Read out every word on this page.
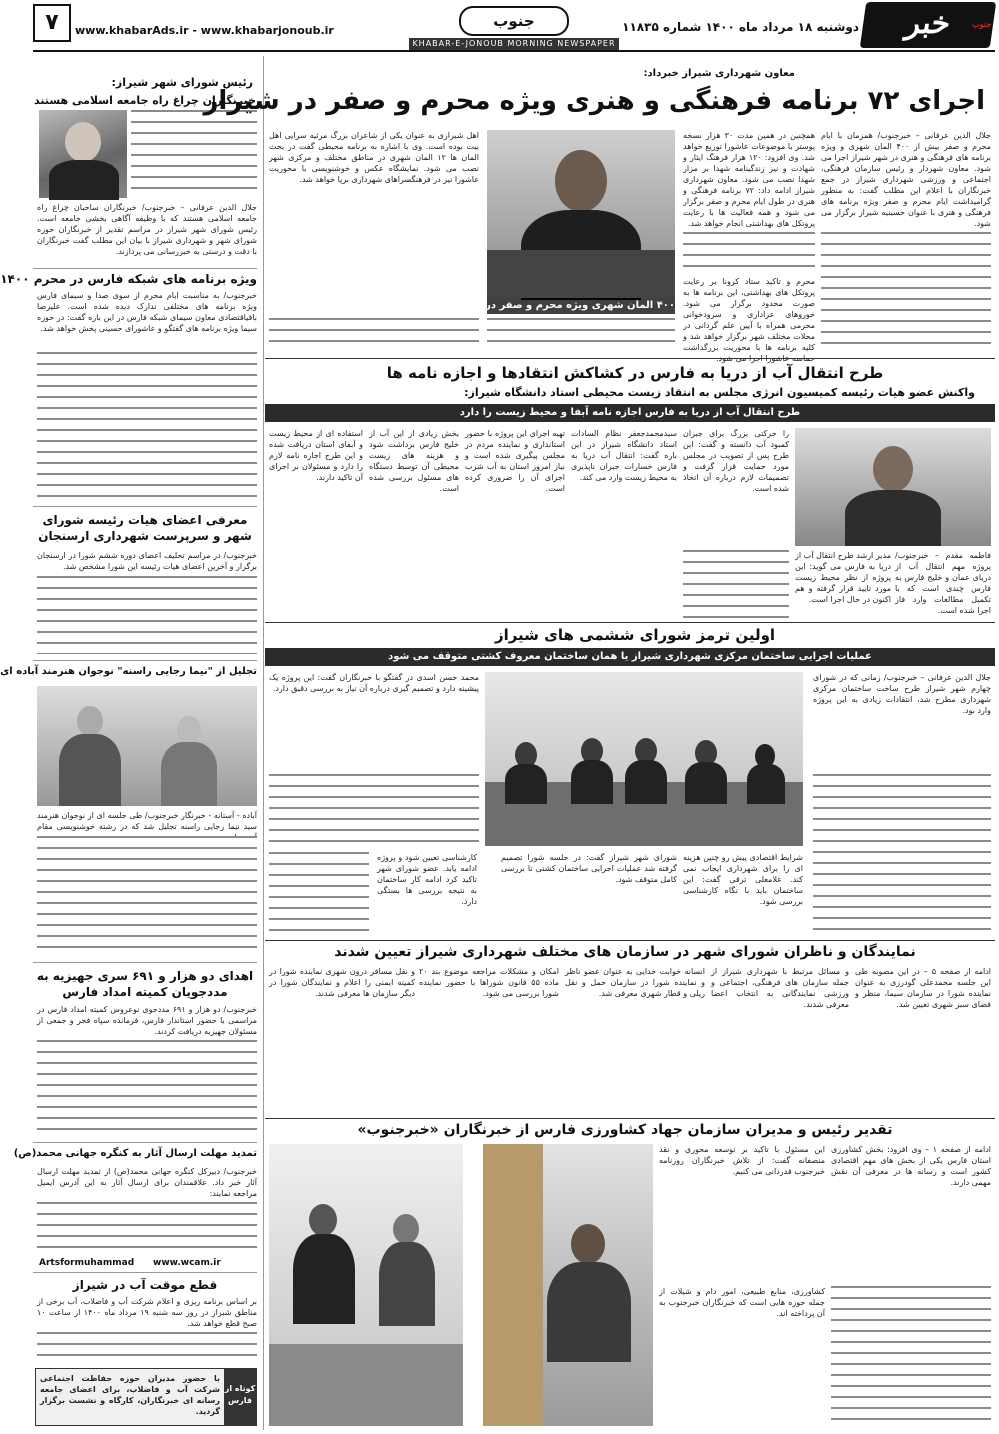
جنوب
خبر
دوشنبه ۱۸ مرداد ماه ۱۴۰۰ شماره ۱۱۸۳۵
جنوب
KHABAR-E-JONOUB MORNING NEWSPAPER
www.khabarAds.ir - www.khabarjonoub.ir
۷
رئیس شورای شهر شیراز:
خبرنگاران چراغ راه جامعه اسلامی هستند
جلال الدین عرفانی – خبرجنوب/ خبرنگاران ساحبان چراغ راه جامعه اسلامی هستند که با وظیفه آگاهی بخشی جامعه است. رئیس شورای شهر شیراز در مراسم تقدیر از خبرنگاران حوزه شورای شهر و شهرداری شیراز با بیان این مطلب گفت خبرنگاران با دقت و درستی به خبررسانی می پردازند.
ویژه برنامه های شبکه فارس در محرم ۱۴۰۰
خبرجنوب/ به مناسبت ایام محرم از سوی صدا و سیمای فارس ویژه برنامه های مختلفی تدارک دیده شده است. علیرضا باقیاقتصادی معاون سیمای شبکه فارس در این باره گفت: در حوزه سیما ویژه برنامه های گفتگو و عاشورای حسینی پخش خواهد شد.
معرفی اعضای هیات رئیسه شورای شهر و سرپرست شهرداری ارسنجان
خبرجنوب/ در مراسم تحلیف اعضای دوره ششم شورا در ارسنجان برگزار و آخرین اعضای هیات رئیسه این شورا مشخص شد.
تجلیل از "نیما رجایی راسنه" نوجوان هنرمند آباده ای
آباده - آستانه - خبرنگار خبرجنوب/ طی جلسه ای از نوجوان هنرمند سید نیما رجایی راسنه تجلیل شد که در رشته خوشنویسی مقام
اهدای دو هزار و ۶۹۱ سری جهیزیه به مددجویان کمیته امداد فارس
خبرجنوب/ دو هزار و ۶۹۱ مددجوی نوعروس کمیته امداد فارس در مراسمی با حضور استاندار فارس، فرمانده سپاه فجر و جمعی از مسئولان جهیزیه دریافت کردند.
تمدید مهلت ارسال آثار به کنگره جهانی محمد(ص)
خبرجنوب/ دبیرکل کنگره جهانی محمد(ص) از تمدید مهلت ارسال آثار خبر داد. علاقمندان برای ارسال آثار به این آدرس ایمیل مراجعه نمایند:
Artsformuhammad www.wcam.ir
قطع موقت آب در شیراز
بر اساس برنامه ریزی و اعلام شرکت آب و فاضلاب، آب برخی از مناطق شیراز در روز سه شنبه ۱۹ مرداد ماه ۱۴۰۰ از ساعت ۱۰ صبح قطع خواهد شد.
کوتاه از فارس
با حضور مدیران حوزه حفاظت اجتماعی شرکت آب و فاضلاب، برای اعضای جامعه رسانه ای خبرنگاران، کارگاه و نشست برگزار گردید.
معاون شهرداری شیراز خبرداد:
اجرای ۷۲ برنامه فرهنگی و هنری ویژه محرم و صفر در شیراز
جلال الدین عرفانی – خبرجنوب/ همزمان با ایام محرم و صفر بیش از ۴۰۰ المان شهری و ویژه برنامه های فرهنگی و هنری در شهر شیراز اجرا می شود. معاون شهردار و رئیس سازمان فرهنگی، اجتماعی و ورزشی شهرداری شیراز در جمع خبرنگاران با اعلام این مطلب گفت: به منظور گرامیداشت ایام محرم و صفر ویژه برنامه های فرهنگی و هنری با عنوان حسینیه شیراز برگزار می شود.
همچنین در همین مدت ۳۰ هزار نسخه پوستر با موضوعات عاشورا توزیع خواهد شد. وی افزود: ۱۲۰ هزار فرهنگ ایثار و شهادت و نیز زندگینامه شهدا بر مزار شهدا نصب می شود. معاون شهرداری شیراز ادامه داد: ۷۲ برنامه فرهنگی و هنری در طول ایام محرم و صفر برگزار می شود و همه فعالیت ها با رعایت پروتکل های بهداشتی انجام خواهد شد.
۴۰۰ المان شهری ویژه محرم و صفر در شیراز اجرا می شود
اهل شیرازی به عنوان یکی از شاعران بزرگ مرثیه سرایی اهل بیت بوده است. وی با اشاره به برنامه محیطی گفت در بحث المان ها ۱۲ المان شهری در مناطق مختلف و مرکزی شهر نصب می شود. نمایشگاه عکس و خوشنویسی با محوریت عاشورا نیز در فرهنگسراهای شهرداری برپا خواهد شد.
محرم و تاکید ستاد کرونا بر رعایت پروتکل های بهداشتی، این برنامه ها به صورت محدود برگزار می شود. خوروهای عزاداری و سرودخوانی محرمی همراه با آیین علم گردانی در محلات مختلف شهر برگزار خواهد شد و کلیه برنامه ها با محوریت بزرگداشت
طرح انتقال آب از دریا به فارس در کشاکش انتقادها و اجازه نامه ها
واکنش عضو هیات رئیسه کمیسیون انرژی مجلس به انتقاد زیست محیطی استاد دانشگاه شیراز:
طرح انتقال آب از دریا به فارس اجازه نامه آبفا و محیط زیست را دارد
فاطمه مقدم – خبرجنوب/ پروژه مهم انتقال آب از دریای عمان و خلیج فارس به فارس چندی است که با تکمیل مطالعات وارد فاز اجرا شده است.
مدیر ارشد طرح انتقال آب از دریا به فارس می گوید: این پروژه از نظر محیط زیست مورد تایید قرار گرفته و هم اکنون در حال اجرا است.
را حرکتی بزرگ برای جبران کمبود آب دانسته و گفت: این طرح پس از تصویب در مجلس مورد حمایت قرار گرفت و تصمیمات لازم درباره آن اتخاذ شده است.
سیدمحمدجعفر نظام السادات استاد دانشگاه شیراز در این باره گفت: انتقال آب دریا به فارس خسارات جبران ناپذیری به محیط زیست وارد می کند.
تهیه اجرای این پروژه با حضور استانداری و نماینده مردم در مجلس پیگیری شده است و نیاز امروز استان به آب شرب اجرای آن را ضروری کرده است.
بخش زیادی از این آب از خلیج فارس برداشت شود و هزینه های زیست محیطی آن توسط دستگاه های مسئول بررسی شده است.
استفاده ای از محیط زیست و آبفای استان دریافت شده و این طرح اجازه نامه لازم را دارد و مسئولان بر اجرای آن تاکید دارند.
اولین ترمز شورای ششمی های شیراز
عملیات اجرایی ساختمان مرکزی شهرداری شیراز یا همان ساختمان معروف کشتی متوقف می شود
جلال الدین عرفانی – خبرجنوب/ زمانی که در شورای چهارم شهر شیراز طرح ساخت ساختمان مرکزی شهرداری مطرح شد، انتقادات زیادی به این پروژه وارد بود.
شرایط اقتصادی پیش رو چنین هزینه ای را برای شهرداری ایجاب نمی کند. غلامعلی ترقی گفت: این ساختمان باید با نگاه کارشناسی بررسی شود.
شورای شهر شیراز گفت: در جلسه شورا تصمیم گرفته شد عملیات اجرایی ساختمان کشتی تا بررسی کامل متوقف شود.
کارشناسی تعیین شود و پروژه ادامه یابد. عضو شورای شهر تاکید کرد ادامه کار ساختمان به نتیجه بررسی ها بستگی دارد.
محمد حسن اسدی در گفتگو با خبرنگاران گفت: این پروژه یک پیشینه دارد و تصمیم گیری درباره آن نیاز به بررسی دقیق دارد.
نمایندگان و ناظران شورای شهر در سازمان های مختلف شهرداری شیراز تعیین شدند
ادامه از صفحه ۵ – در این مصوبه طی این جلسه محمدعلی گودرزی به عنوان نماینده شورا در سازمان سیما، منظر و فضای سبز شهری تعیین شد.
و مسائل مرتبط با شهرداری شیراز از جمله سازمان های فرهنگی، اجتماعی و ورزشی نمایندگانی به انتخاب اعضا معرفی شدند.
انسانه خوابت خدایی به عنوان عضو ناظر و نماینده شورا در سازمان حمل و نقل ریلی و قطار شهری معرفی شد.
امکان و مشکلات مراجعه موضوع بند ۲۰ ماده ۵۵ قانون شوراها با حضور نماینده شورا بررسی می شود.
و نقل مسافر درون شهری نماینده شورا در کمیته ایمنی را اعلام و نمایندگان شورا در دیگر سازمان ها معرفی شدند.
تقدیر رئیس و مدیران سازمان جهاد کشاورزی فارس از خبرنگاران «خبرجنوب»
ادامه از صفحه ۱ – وی افزود: بخش کشاورزی استان فارس یکی از بخش های مهم اقتصادی کشور است و رسانه ها در معرفی آن نقش مهمی دارند.
این مسئول با تاکید بر توسعه محوری و نقد منصفانه گفت: از تلاش خبرنگاران روزنامه خبرجنوب قدردانی می کنیم.
کشاورزی، منابع طبیعی، امور دام و شیلات از جمله حوزه هایی است که خبرنگاران خبرجنوب به آن پرداخته اند.
